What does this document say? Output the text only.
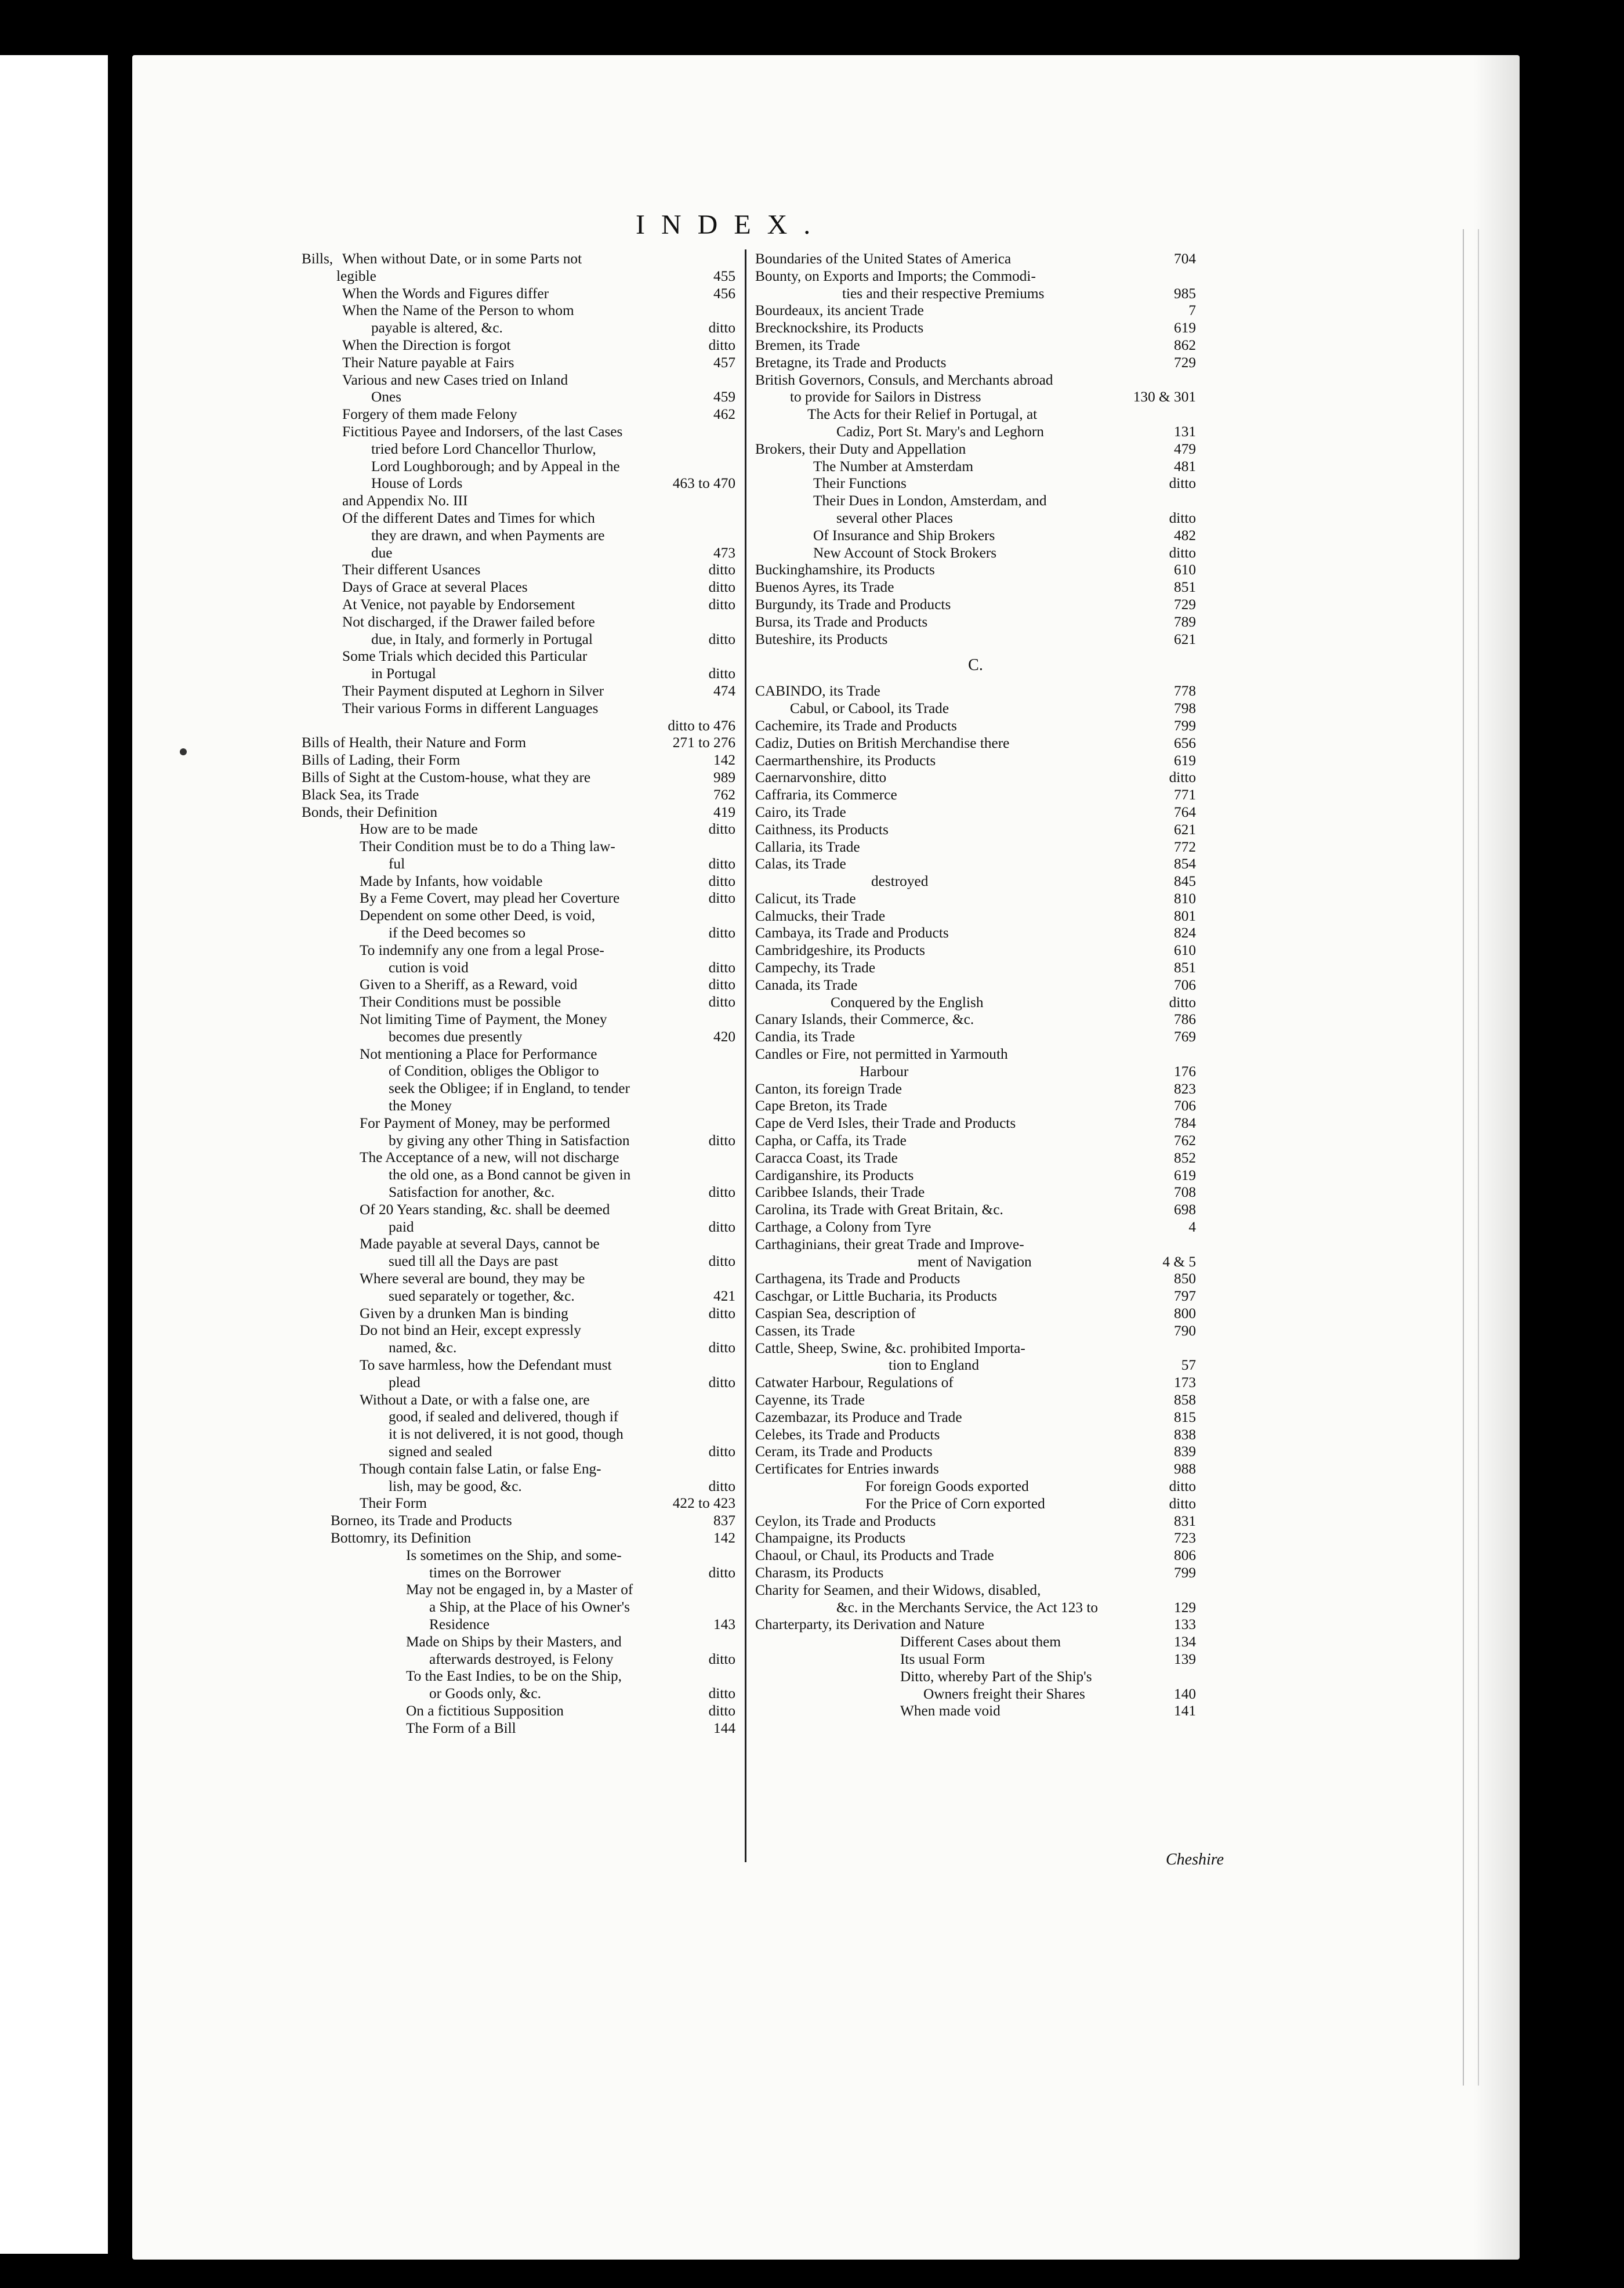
INDEX.
Bills, When without Date, or in some Parts not
legible	455
When the Words and Figures differ	456
When the Name of the Person to whom
payable is altered, &c.	ditto
When the Direction is forgot	ditto
Their Nature payable at Fairs	457
Various and new Cases tried on Inland
Ones	459
Forgery of them made Felony	462
Fictitious Payee and Indorsers, of the last Cases
tried before Lord Chancellor Thurlow,
Lord Loughborough; and by Appeal in the
House of Lords	463 to 470
and Appendix No. III
Of the different Dates and Times for which
they are drawn, and when Payments are
due	473
Their different Usances	ditto
Days of Grace at several Places	ditto
At Venice, not payable by Endorsement	ditto
Not discharged, if the Drawer failed before
due, in Italy, and formerly in Portugal	ditto
Some Trials which decided this Particular
in Portugal	ditto
Their Payment disputed at Leghorn in Silver	474
Their various Forms in different Languages
ditto to 476
Bills of Health, their Nature and Form	271 to 276
Bills of Lading, their Form	142
Bills of Sight at the Custom-house, what they are	989
Black Sea, its Trade	762
Bonds, their Definition	419
How are to be made	ditto
Their Condition must be to do a Thing law-
ful	ditto
Made by Infants, how voidable	ditto
By a Feme Covert, may plead her Coverture	ditto
Dependent on some other Deed, is void,
if the Deed becomes so	ditto
To indemnify any one from a legal Prose-
cution is void	ditto
Given to a Sheriff, as a Reward, void	ditto
Their Conditions must be possible	ditto
Not limiting Time of Payment, the Money
becomes due presently	420
Not mentioning a Place for Performance
of Condition, obliges the Obligor to
seek the Obligee; if in England, to tender
the Money
For Payment of Money, may be performed
by giving any other Thing in Satisfaction	ditto
The Acceptance of a new, will not discharge
the old one, as a Bond cannot be given in
Satisfaction for another, &c.	ditto
Of 20 Years standing, &c. shall be deemed
paid	ditto
Made payable at several Days, cannot be
sued till all the Days are past	ditto
Where several are bound, they may be
sued separately or together, &c.	421
Given by a drunken Man is binding	ditto
Do not bind an Heir, except expressly
named, &c.	ditto
To save harmless, how the Defendant must
plead	ditto
Without a Date, or with a false one, are
good, if sealed and delivered, though if
it is not delivered, it is not good, though
signed and sealed	ditto
Though contain false Latin, or false Eng-
lish, may be good, &c.	ditto
Their Form	422 to 423
Borneo, its Trade and Products	837
Bottomry, its Definition	142
Is sometimes on the Ship, and some-
times on the Borrower	ditto
May not be engaged in, by a Master of
a Ship, at the Place of his Owner's
Residence	143
Made on Ships by their Masters, and
afterwards destroyed, is Felony	ditto
To the East Indies, to be on the Ship,
or Goods only, &c.	ditto
On a fictitious Supposition	ditto
The Form of a Bill	144
Boundaries of the United States of America	704
Bounty, on Exports and Imports; the Commodi-
ties and their respective Premiums	985
Bourdeaux, its ancient Trade	7
Brecknockshire, its Products	619
Bremen, its Trade	862
Bretagne, its Trade and Products	729
British Governors, Consuls, and Merchants abroad
to provide for Sailors in Distress	130 & 301
The Acts for their Relief in Portugal, at
Cadiz, Port St. Mary's and Leghorn	131
Brokers, their Duty and Appellation	479
The Number at Amsterdam	481
Their Functions	ditto
Their Dues in London, Amsterdam, and
several other Places	ditto
Of Insurance and Ship Brokers	482
New Account of Stock Brokers	ditto
Buckinghamshire, its Products	610
Buenos Ayres, its Trade	851
Burgundy, its Trade and Products	729
Bursa, its Trade and Products	789
Buteshire, its Products	621
C.
CABINDO, its Trade	778
Cabul, or Cabool, its Trade	798
Cachemire, its Trade and Products	799
Cadiz, Duties on British Merchandise there	656
Caermarthenshire, its Products	619
Caernarvonshire, ditto	ditto
Caffraria, its Commerce	771
Cairo, its Trade	764
Caithness, its Products	621
Callaria, its Trade	772
Calas, its Trade	854
destroyed	845
Calicut, its Trade	810
Calmucks, their Trade	801
Cambaya, its Trade and Products	824
Cambridgeshire, its Products	610
Campechy, its Trade	851
Canada, its Trade	706
Conquered by the English	ditto
Canary Islands, their Commerce, &c.	786
Candia, its Trade	769
Candles or Fire, not permitted in Yarmouth
Harbour	176
Canton, its foreign Trade	823
Cape Breton, its Trade	706
Cape de Verd Isles, their Trade and Products	784
Capha, or Caffa, its Trade	762
Caracca Coast, its Trade	852
Cardiganshire, its Products	619
Caribbee Islands, their Trade	708
Carolina, its Trade with Great Britain, &c.	698
Carthage, a Colony from Tyre	4
Carthaginians, their great Trade and Improve-
ment of Navigation	4 & 5
Carthagena, its Trade and Products	850
Caschgar, or Little Bucharia, its Products	797
Caspian Sea, description of	800
Cassen, its Trade	790
Cattle, Sheep, Swine, &c. prohibited Importa-
tion to England	57
Catwater Harbour, Regulations of	173
Cayenne, its Trade	858
Cazembazar, its Produce and Trade	815
Celebes, its Trade and Products	838
Ceram, its Trade and Products	839
Certificates for Entries inwards	988
For foreign Goods exported	ditto
For the Price of Corn exported	ditto
Ceylon, its Trade and Products	831
Champaigne, its Products	723
Chaoul, or Chaul, its Products and Trade	806
Charasm, its Products	799
Charity for Seamen, and their Widows, disabled,
&c. in the Merchants Service, the Act 123 to	129
Charterparty, its Derivation and Nature	133
Different Cases about them	134
Its usual Form	139
Ditto, whereby Part of the Ship's
Owners freight their Shares	140
When made void	141
Cheshire
